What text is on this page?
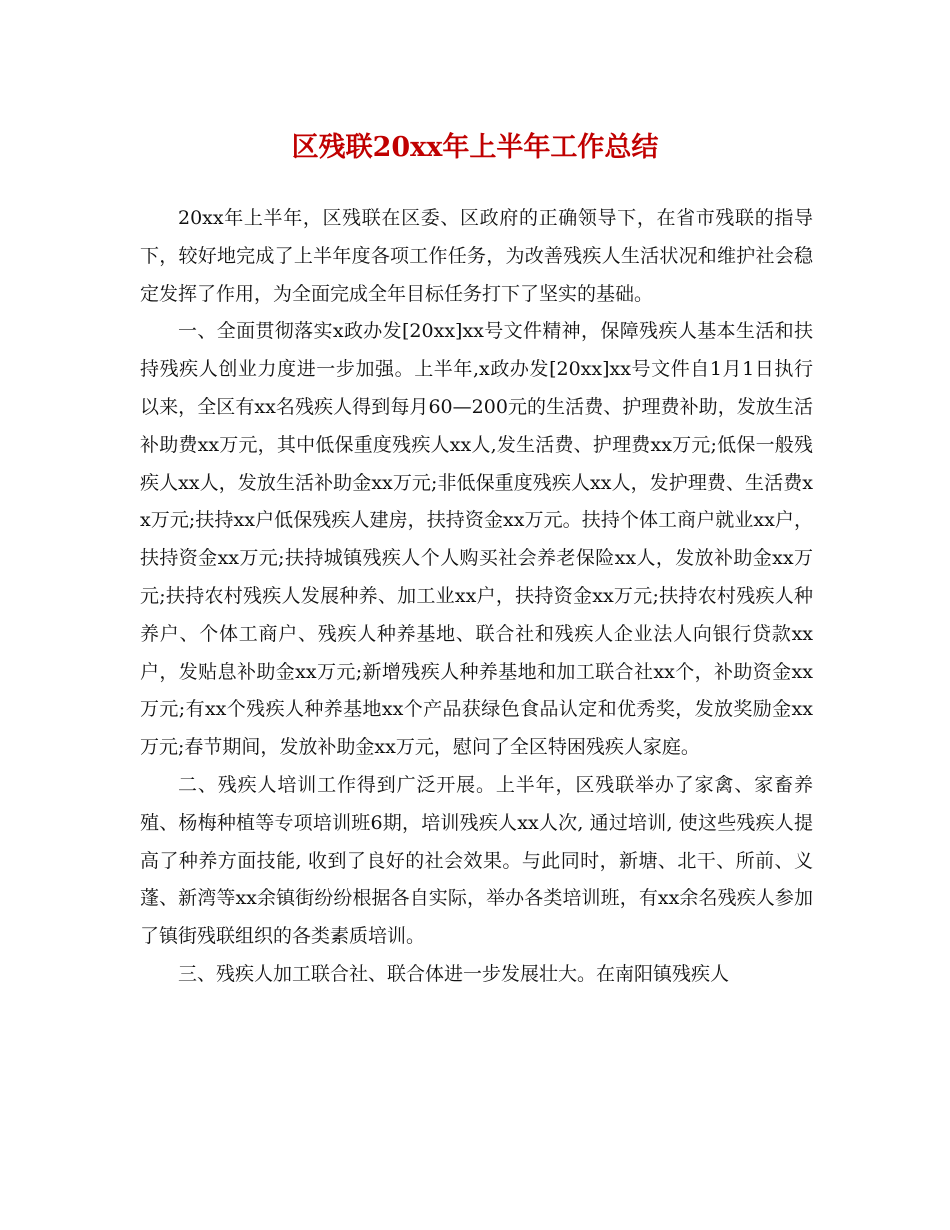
区残联20xx年上半年工作总结

20xx年上半年，区残联在区委、区政府的正确领导下，在省市残联的指导下，较好地完成了上半年度各项工作任务，为改善残疾人生活状况和维护社会稳定发挥了作用，为全面完成全年目标任务打下了坚实的基础。

一、全面贯彻落实x政办发[20xx]xx号文件精神，保障残疾人基本生活和扶持残疾人创业力度进一步加强。上半年,x政办发[20xx]xx号文件自1月1日执行以来，全区有xx名残疾人得到每月60—200元的生活费、护理费补助，发放生活补助费xx万元，其中低保重度残疾人xx人,发生活费、护理费xx万元;低保一般残疾人xx人，发放生活补助金xx万元;非低保重度残疾人xx人，发护理费、生活费xx万元;扶持xx户低保残疾人建房，扶持资金xx万元。扶持个体工商户就业xx户，扶持资金xx万元;扶持城镇残疾人个人购买社会养老保险xx人，发放补助金xx万元;扶持农村残疾人发展种养、加工业xx户，扶持资金xx万元;扶持农村残疾人种养户、个体工商户、残疾人种养基地、联合社和残疾人企业法人向银行贷款xx户，发贴息补助金xx万元;新增残疾人种养基地和加工联合社xx个，补助资金xx万元;有xx个残疾人种养基地xx个产品获绿色食品认定和优秀奖，发放奖励金xx万元;春节期间，发放补助金xx万元，慰问了全区特困残疾人家庭。

二、残疾人培训工作得到广泛开展。上半年，区残联举办了家禽、家畜养殖、杨梅种植等专项培训班6期，培训残疾人xx人次, 通过培训, 使这些残疾人提高了种养方面技能, 收到了良好的社会效果。与此同时，新塘、北干、所前、义蓬、新湾等xx余镇街纷纷根据各自实际，举办各类培训班，有xx余名残疾人参加了镇街残联组织的各类素质培训。

三、残疾人加工联合社、联合体进一步发展壮大。在南阳镇残疾人
